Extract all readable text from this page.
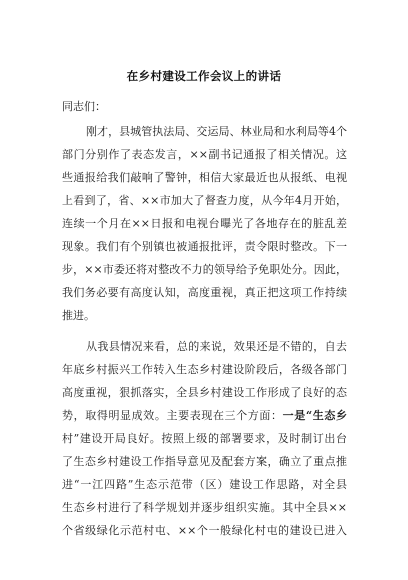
在乡村建设工作会议上的讲话
同志们：
刚才，县城管执法局、交运局、林业局和水利局等4个
部门分别作了表态发言，××副书记通报了相关情况。这
些通报给我们敲响了警钟，相信大家最近也从报纸、电视
上看到了，省、××市加大了督查力度，从今年4月开始，
连续一个月在××日报和电视台曝光了各地存在的脏乱差
现象。我们有个别镇也被通报批评，责令限时整改。下一
步，××市委还将对整改不力的领导给予免职处分。因此，
我们务必要有高度认知，高度重视，真正把这项工作持续
推进。
从我县情况来看，总的来说，效果还是不错的，自去
年底乡村振兴工作转入生态乡村建设阶段后，各级各部门
高度重视，狠抓落实，全县乡村建设工作形成了良好的态
势，取得明显成效。主要表现在三个方面：一是“生态乡
村”建设开局良好。按照上级的部署要求，及时制订出台
了生态乡村建设工作指导意见及配套方案，确立了重点推
进“一江四路”生态示范带（区）建设工作思路，对全县
生态乡村进行了科学规划并逐步组织实施。其中全县××
个省级绿化示范村屯、××个一般绿化村屯的建设已进入
